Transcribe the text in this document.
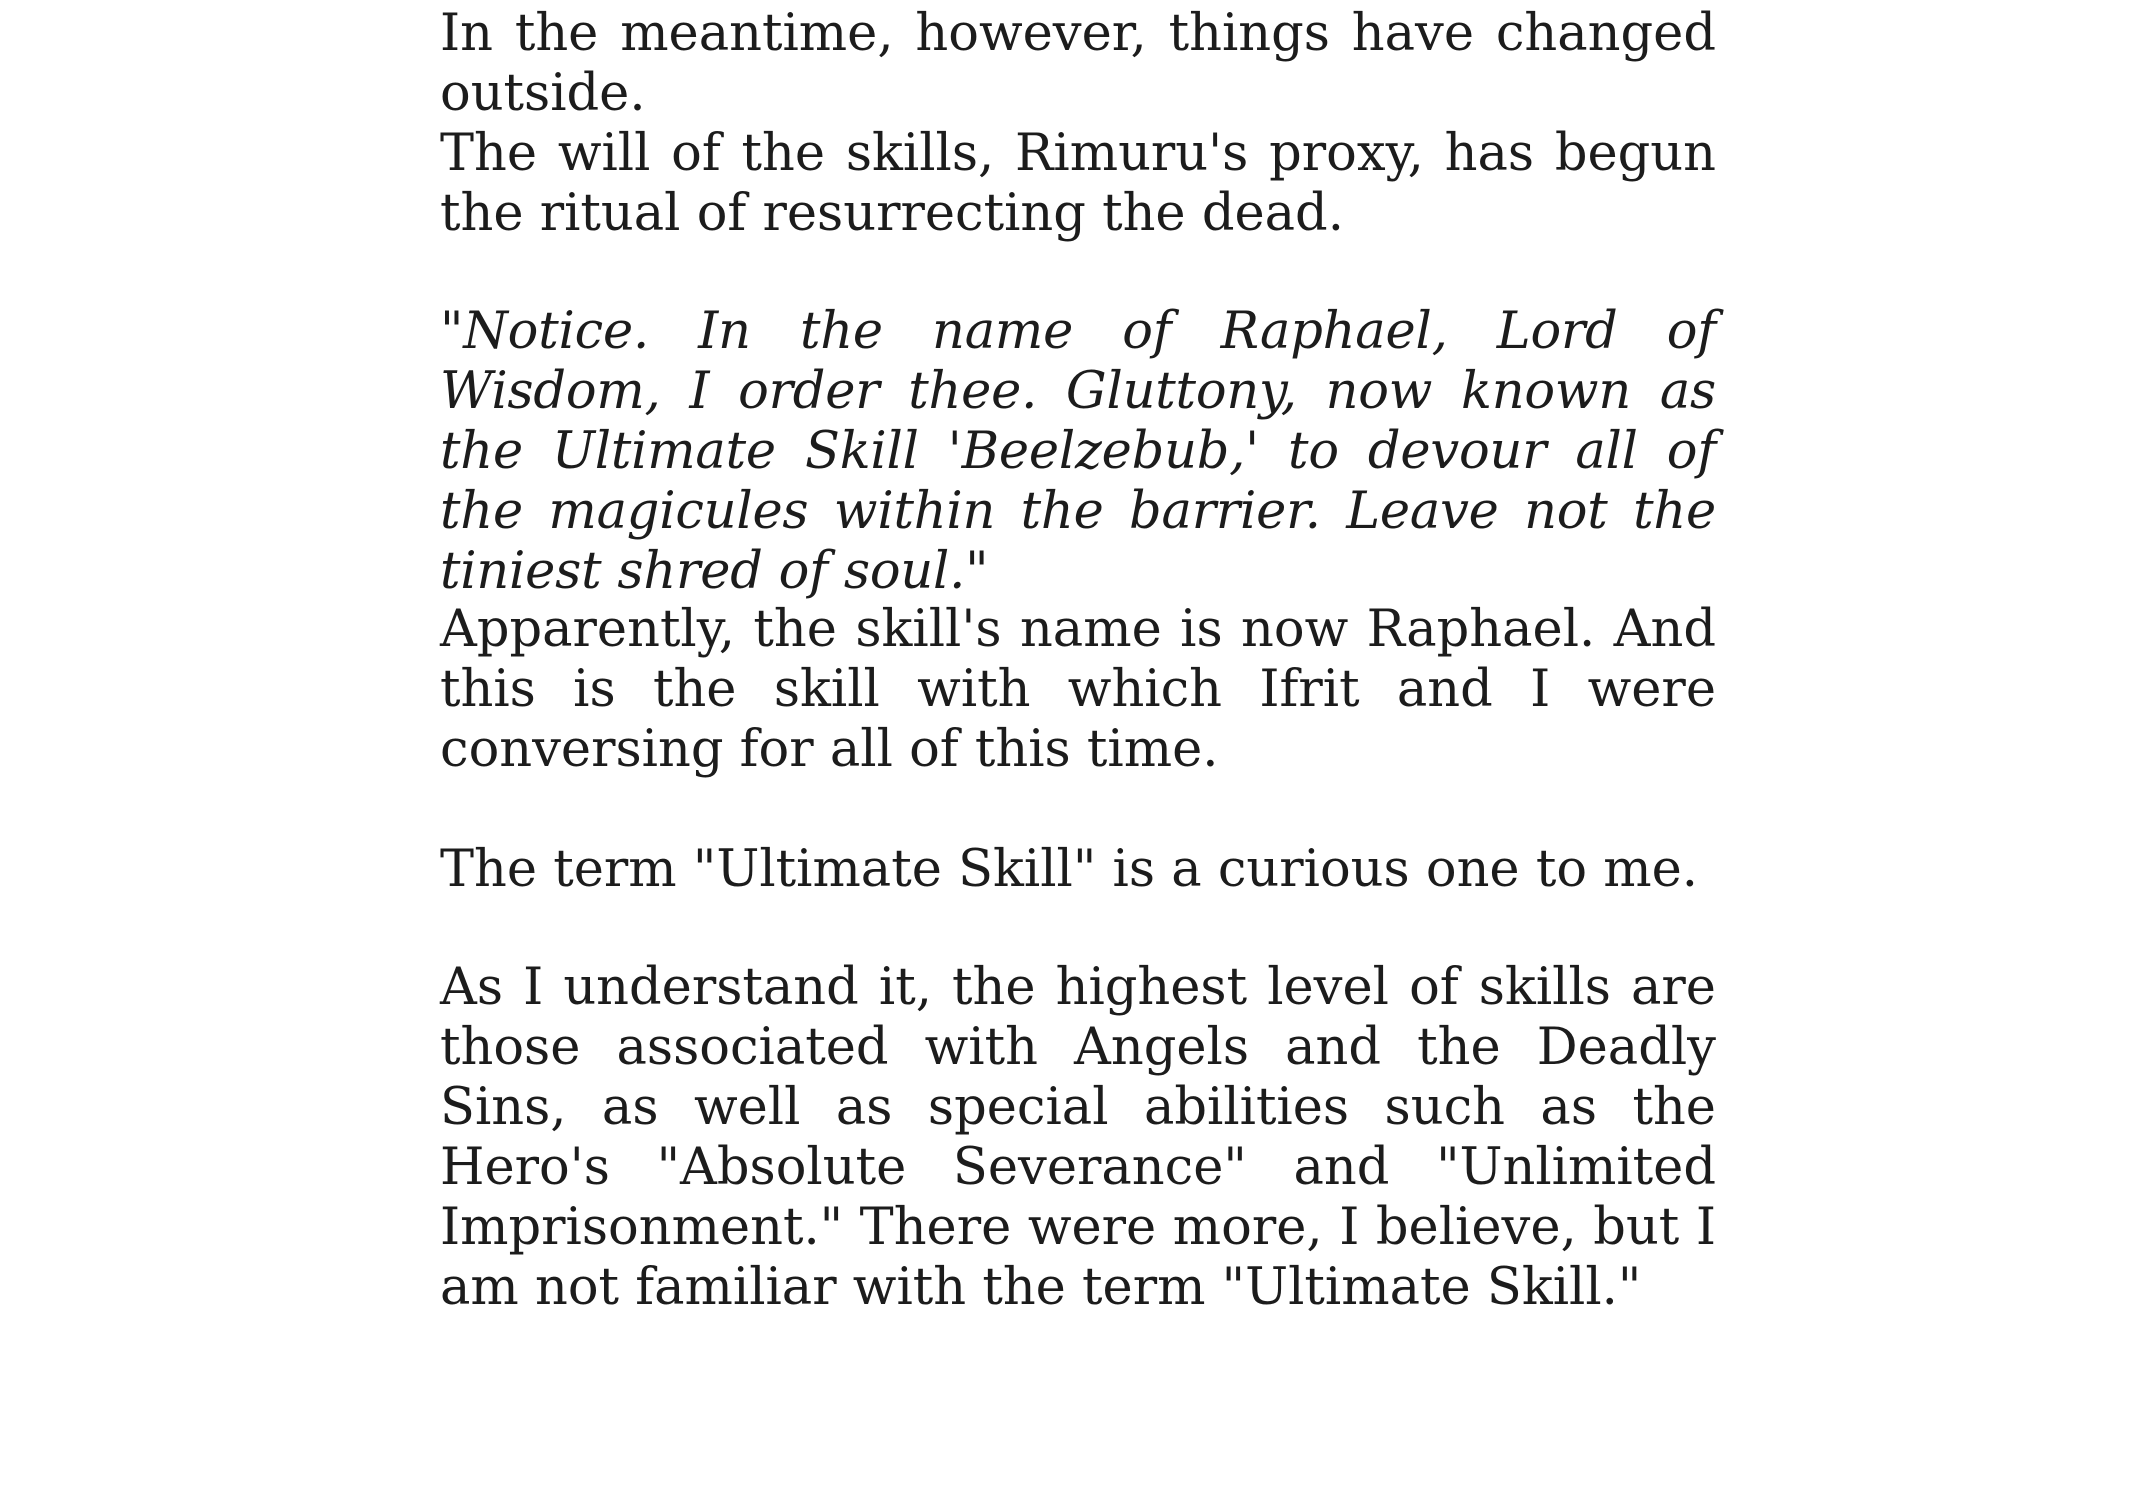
In the meantime, however, things have changed outside.

The will of the skills, Rimuru's proxy, has begun the ritual of resurrecting the dead.

"Notice. In the name of Raphael, Lord of Wisdom, I order thee. Gluttony, now known as the Ultimate Skill 'Beelzebub,' to devour all of the magicules within the barrier. Leave not the tiniest shred of soul."

Apparently, the skill's name is now Raphael. And this is the skill with which Ifrit and I were conversing for all of this time.

The term "Ultimate Skill" is a curious one to me.

As I understand it, the highest level of skills are those associated with Angels and the Deadly Sins, as well as special abilities such as the Hero's "Absolute Severance" and "Unlimited Imprisonment." There were more, I believe, but I am not familiar with the term "Ultimate Skill."
